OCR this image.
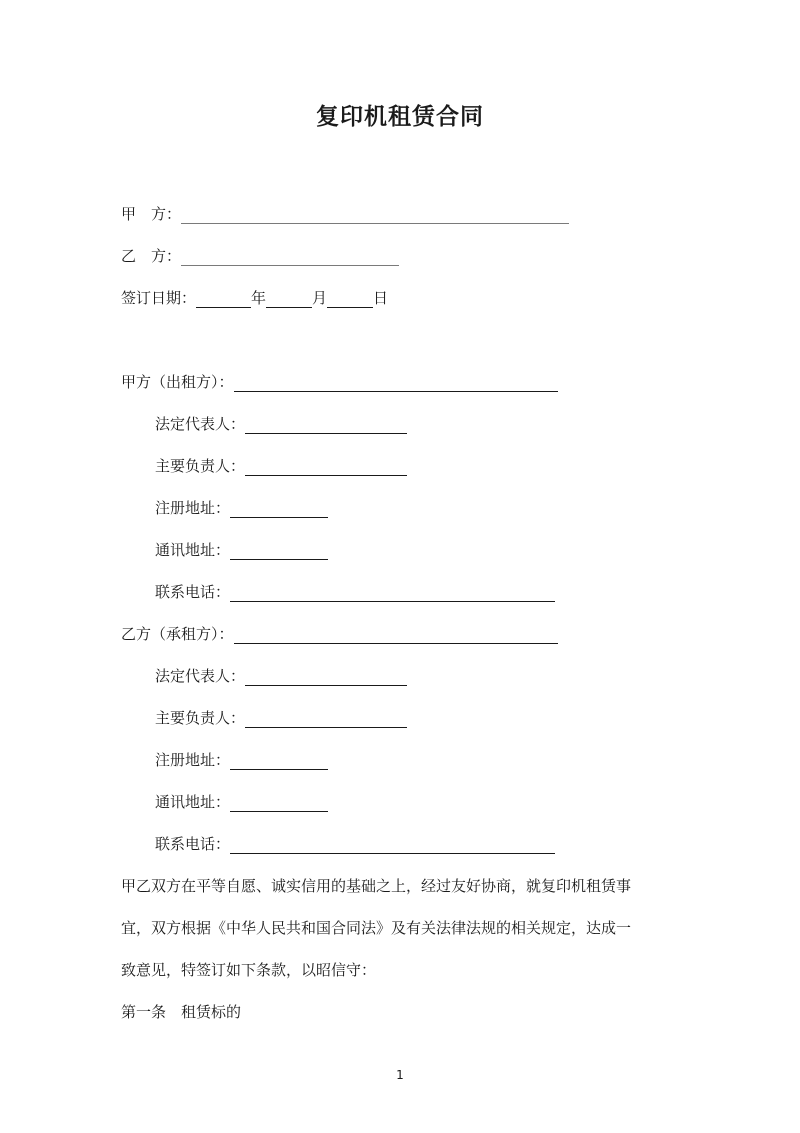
复印机租赁合同
甲　方：
乙　方：
签订日期：	年	月	日
甲方（出租方）：
法定代表人：
主要负责人：
注册地址：
通讯地址：
联系电话：
乙方（承租方）：
法定代表人：
主要负责人：
注册地址：
通讯地址：
联系电话：
甲乙双方在平等自愿、诚实信用的基础之上，经过友好协商，就复印机租赁事
宜，双方根据《中华人民共和国合同法》及有关法律法规的相关规定，达成一
致意见，特签订如下条款，以昭信守：
第一条　租赁标的
1
